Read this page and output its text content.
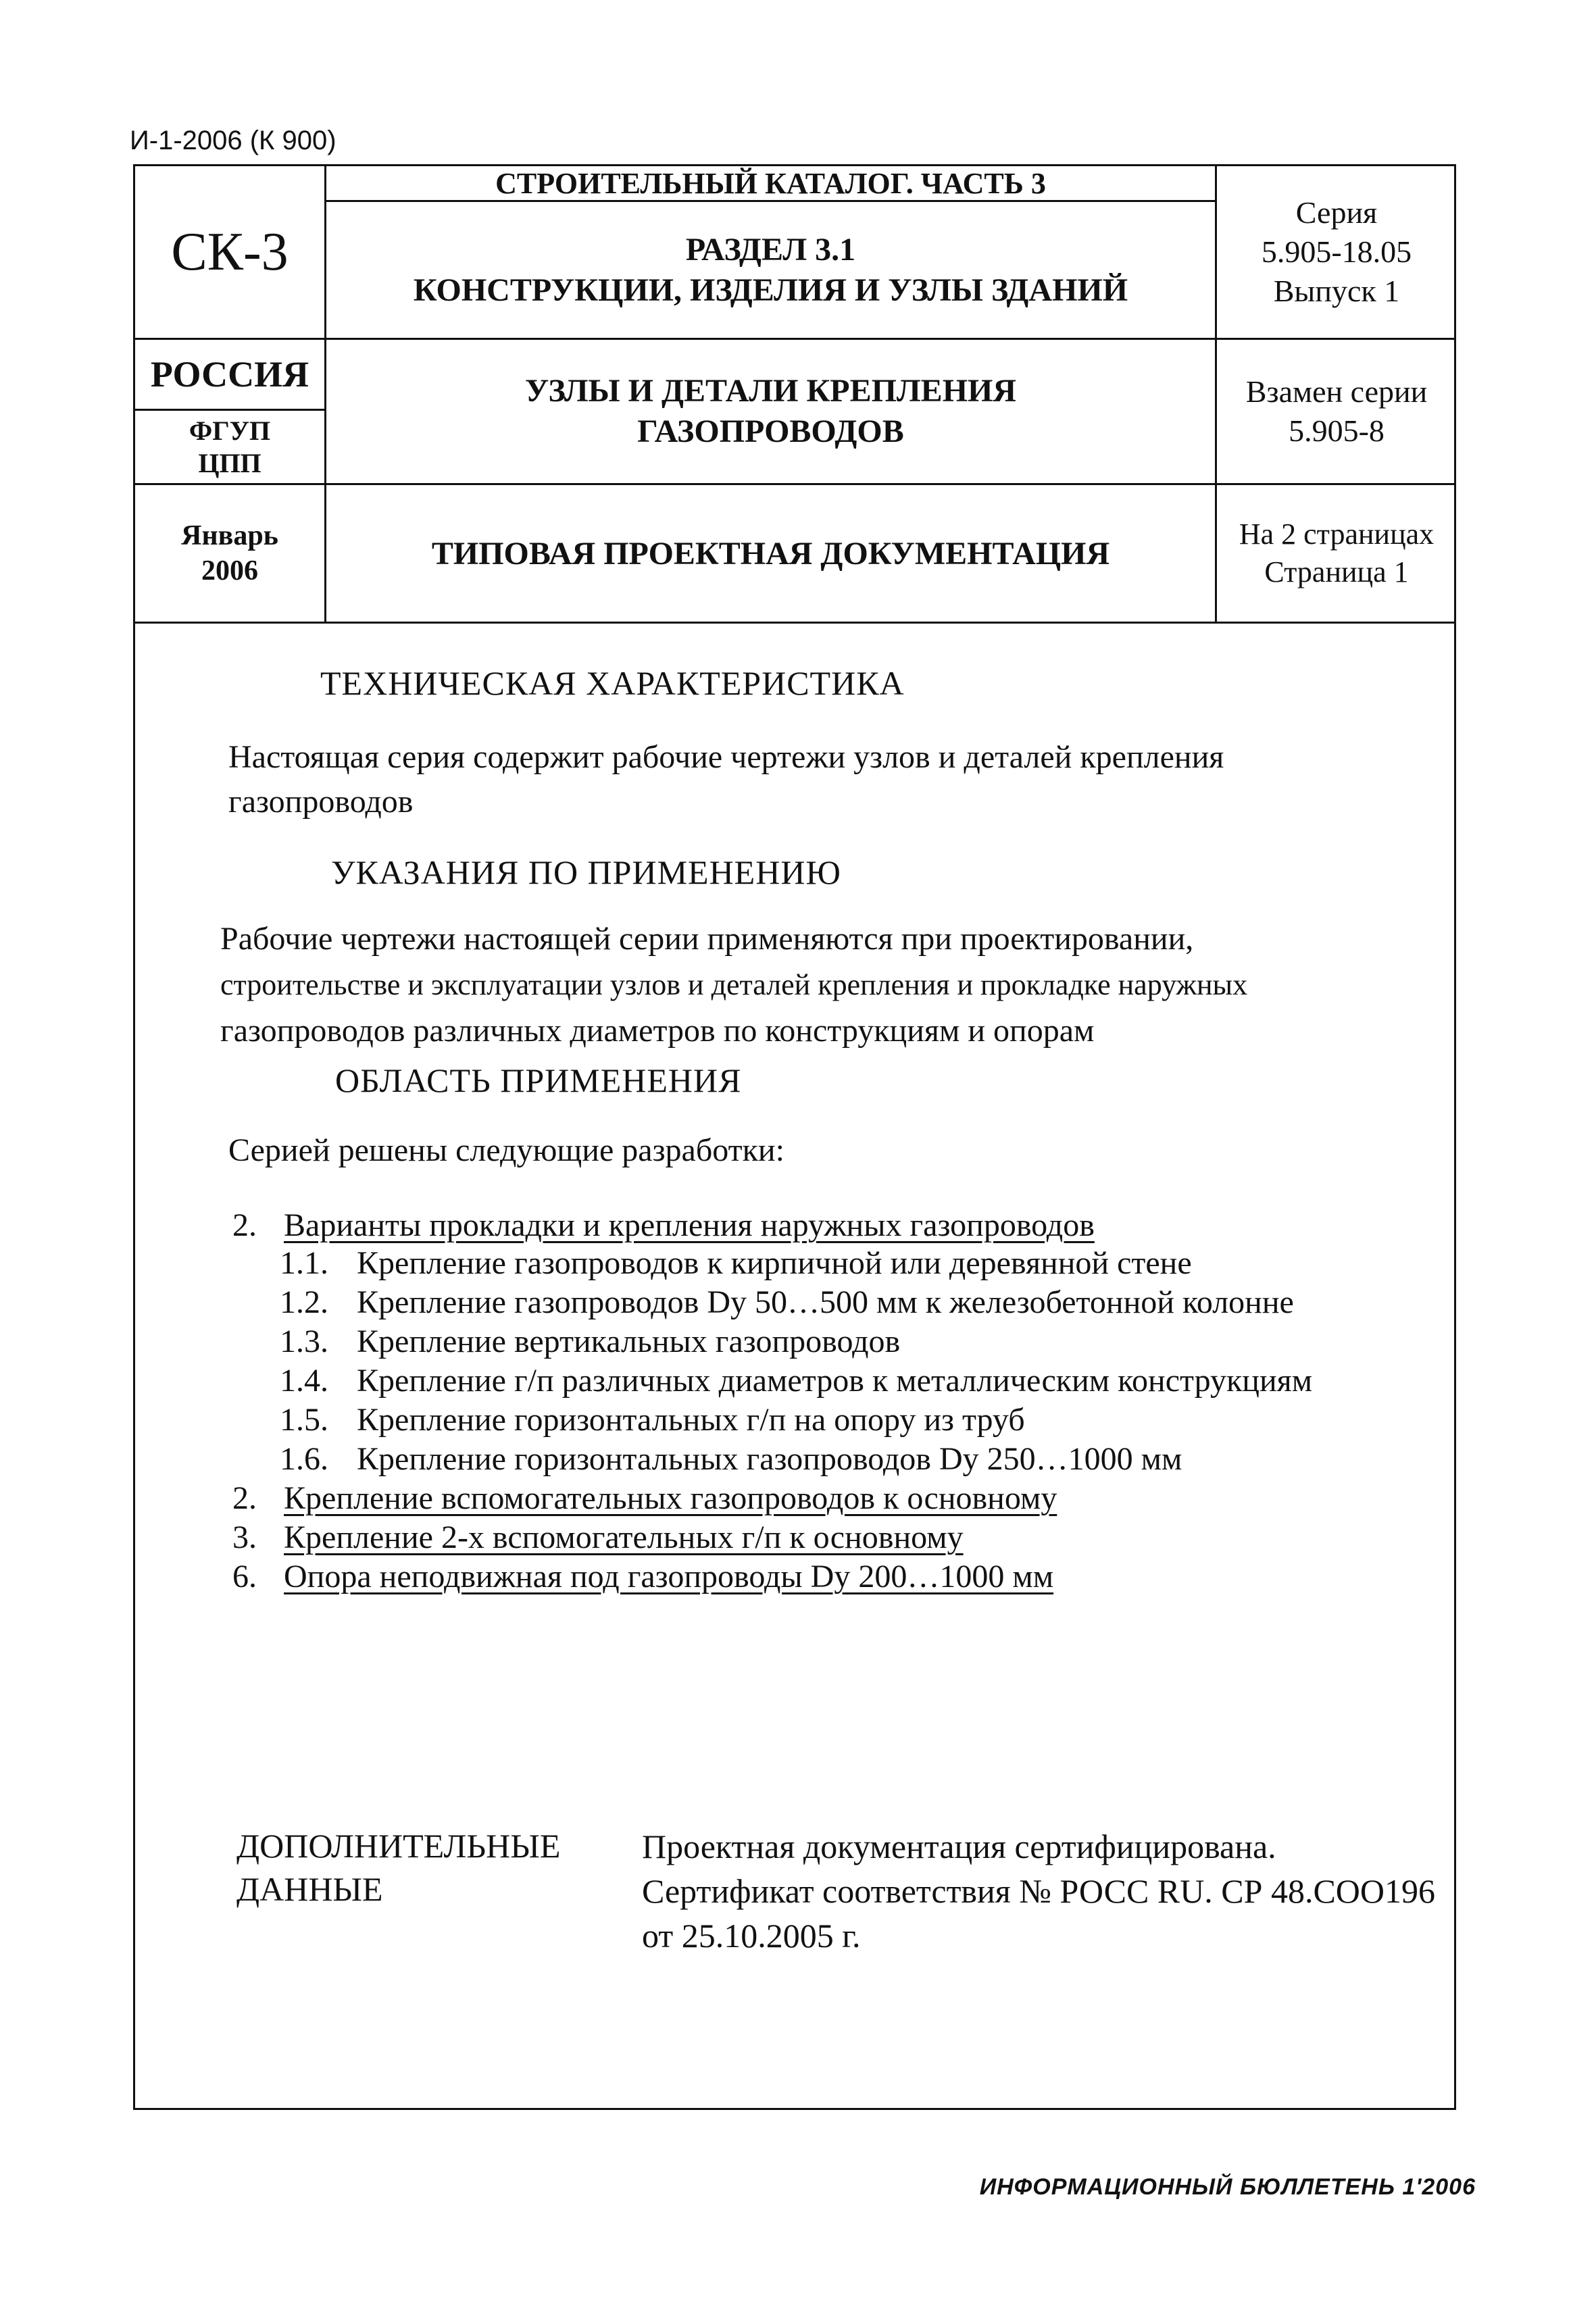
И-1-2006 (К 900)
СК-3
СТРОИТЕЛЬНЫЙ КАТАЛОГ. ЧАСТЬ 3
РАЗДЕЛ 3.1
КОНСТРУКЦИИ, ИЗДЕЛИЯ И УЗЛЫ ЗДАНИЙ
Серия
5.905-18.05
Выпуск 1
РОССИЯ
ФГУП
ЦПП
УЗЛЫ И ДЕТАЛИ КРЕПЛЕНИЯ
ГАЗОПРОВОДОВ
Взамен серии
5.905-8
Январь
2006	ТИПОВАЯ ПРОЕКТНАЯ ДОКУМЕНТАЦИЯ
На 2 страницах
Страница 1
ТЕХНИЧЕСКАЯ ХАРАКТЕРИСТИКА
Настоящая серия содержит рабочие чертежи узлов и деталей крепления
газопроводов
УКАЗАНИЯ ПО ПРИМЕНЕНИЮ
Рабочие чертежи настоящей серии применяются при проектировании,
строительстве и эксплуатации узлов и деталей крепления и прокладке наружных
газопроводов различных диаметров по конструкциям и опорам
ОБЛАСТЬ ПРИМЕНЕНИЯ
Серией решены следующие разработки:
2. Варианты прокладки и крепления наружных газопроводов
1.1. Крепление газопроводов к кирпичной или деревянной стене
1.2. Крепление газопроводов Dy 50…500 мм к железобетонной колонне
1.3. Крепление вертикальных газопроводов
1.4. Крепление г/п различных диаметров к металлическим конструкциям
1.5. Крепление горизонтальных г/п на опору из труб
1.6. Крепление горизонтальных газопроводов Dy 250…1000 мм
2. Крепление вспомогательных газопроводов к основному
3. Крепление 2-х вспомогательных г/п к основному
6. Опора неподвижная под газопроводы Dy 200…1000 мм
ДОПОЛНИТЕЛЬНЫЕ
ДАННЫЕ
Проектная документация сертифицирована.
Сертификат соответствия № РОСС RU. СР 48.СОО196
от 25.10.2005 г.
ИНФОРМАЦИОННЫЙ БЮЛЛЕТЕНЬ 1'2006
